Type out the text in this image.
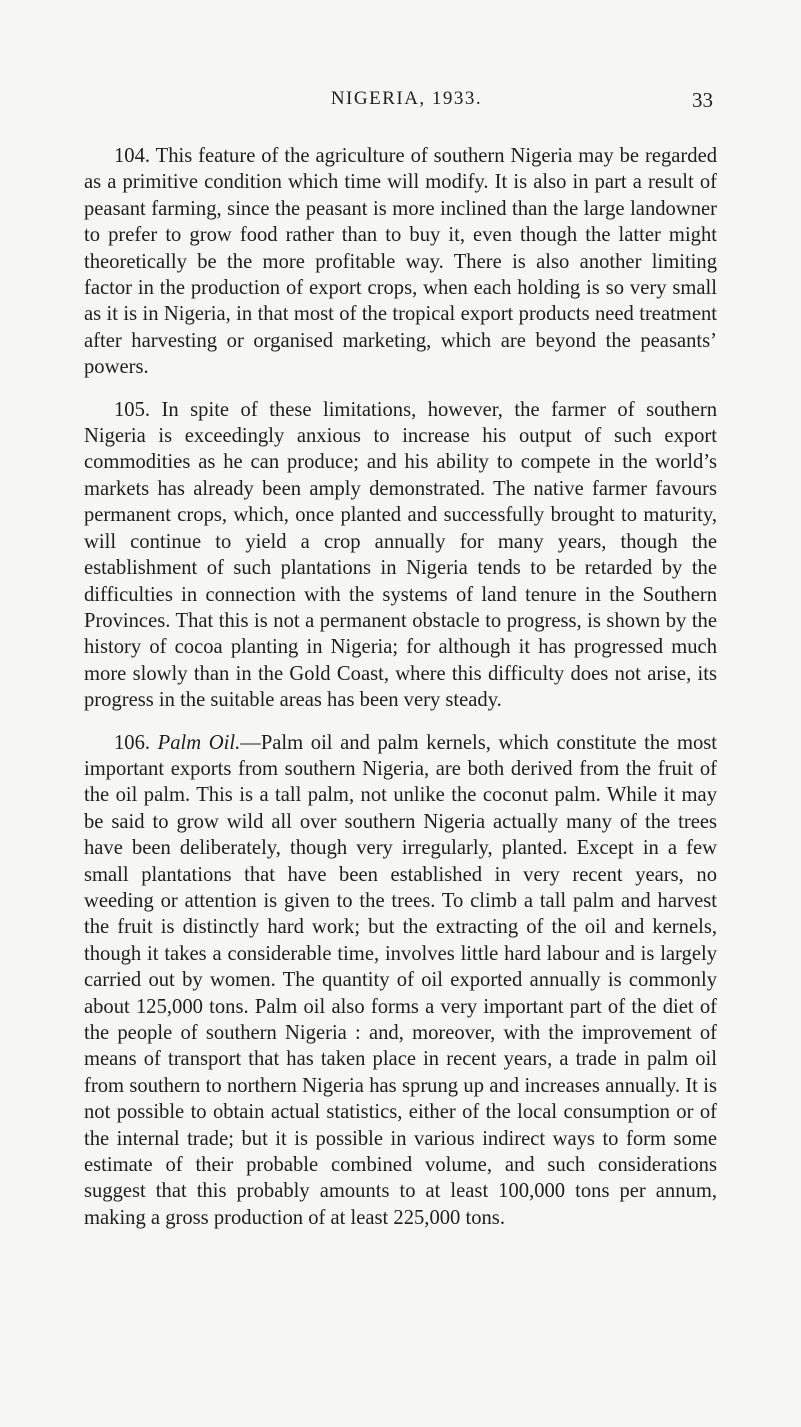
NIGERIA, 1933.	33

104. This feature of the agriculture of southern Nigeria may be regarded as a primitive condition which time will modify. It is also in part a result of peasant farming, since the peasant is more inclined than the large landowner to prefer to grow food rather than to buy it, even though the latter might theoretically be the more profitable way. There is also another limiting factor in the production of export crops, when each holding is so very small as it is in Nigeria, in that most of the tropical export products need treatment after harvesting or organised marketing, which are beyond the peasants’ powers.

105. In spite of these limitations, however, the farmer of southern Nigeria is exceedingly anxious to increase his output of such export commodities as he can produce; and his ability to compete in the world’s markets has already been amply demonstrated. The native farmer favours permanent crops, which, once planted and successfully brought to maturity, will continue to yield a crop annually for many years, though the establishment of such plantations in Nigeria tends to be retarded by the difficulties in connection with the systems of land tenure in the Southern Provinces. That this is not a permanent obstacle to progress, is shown by the history of cocoa planting in Nigeria; for although it has progressed much more slowly than in the Gold Coast, where this difficulty does not arise, its progress in the suitable areas has been very steady.

106. Palm Oil.—Palm oil and palm kernels, which constitute the most important exports from southern Nigeria, are both derived from the fruit of the oil palm. This is a tall palm, not unlike the coconut palm. While it may be said to grow wild all over southern Nigeria actually many of the trees have been deliberately, though very irregularly, planted. Except in a few small plantations that have been established in very recent years, no weeding or attention is given to the trees. To climb a tall palm and harvest the fruit is distinctly hard work; but the extracting of the oil and kernels, though it takes a considerable time, involves little hard labour and is largely carried out by women. The quantity of oil exported annually is commonly about 125,000 tons. Palm oil also forms a very important part of the diet of the people of southern Nigeria : and, moreover, with the improvement of means of transport that has taken place in recent years, a trade in palm oil from southern to northern Nigeria has sprung up and increases annually. It is not possible to obtain actual statistics, either of the local consumption or of the internal trade; but it is possible in various indirect ways to form some estimate of their probable combined volume, and such considerations suggest that this probably amounts to at least 100,000 tons per annum, making a gross production of at least 225,000 tons.
